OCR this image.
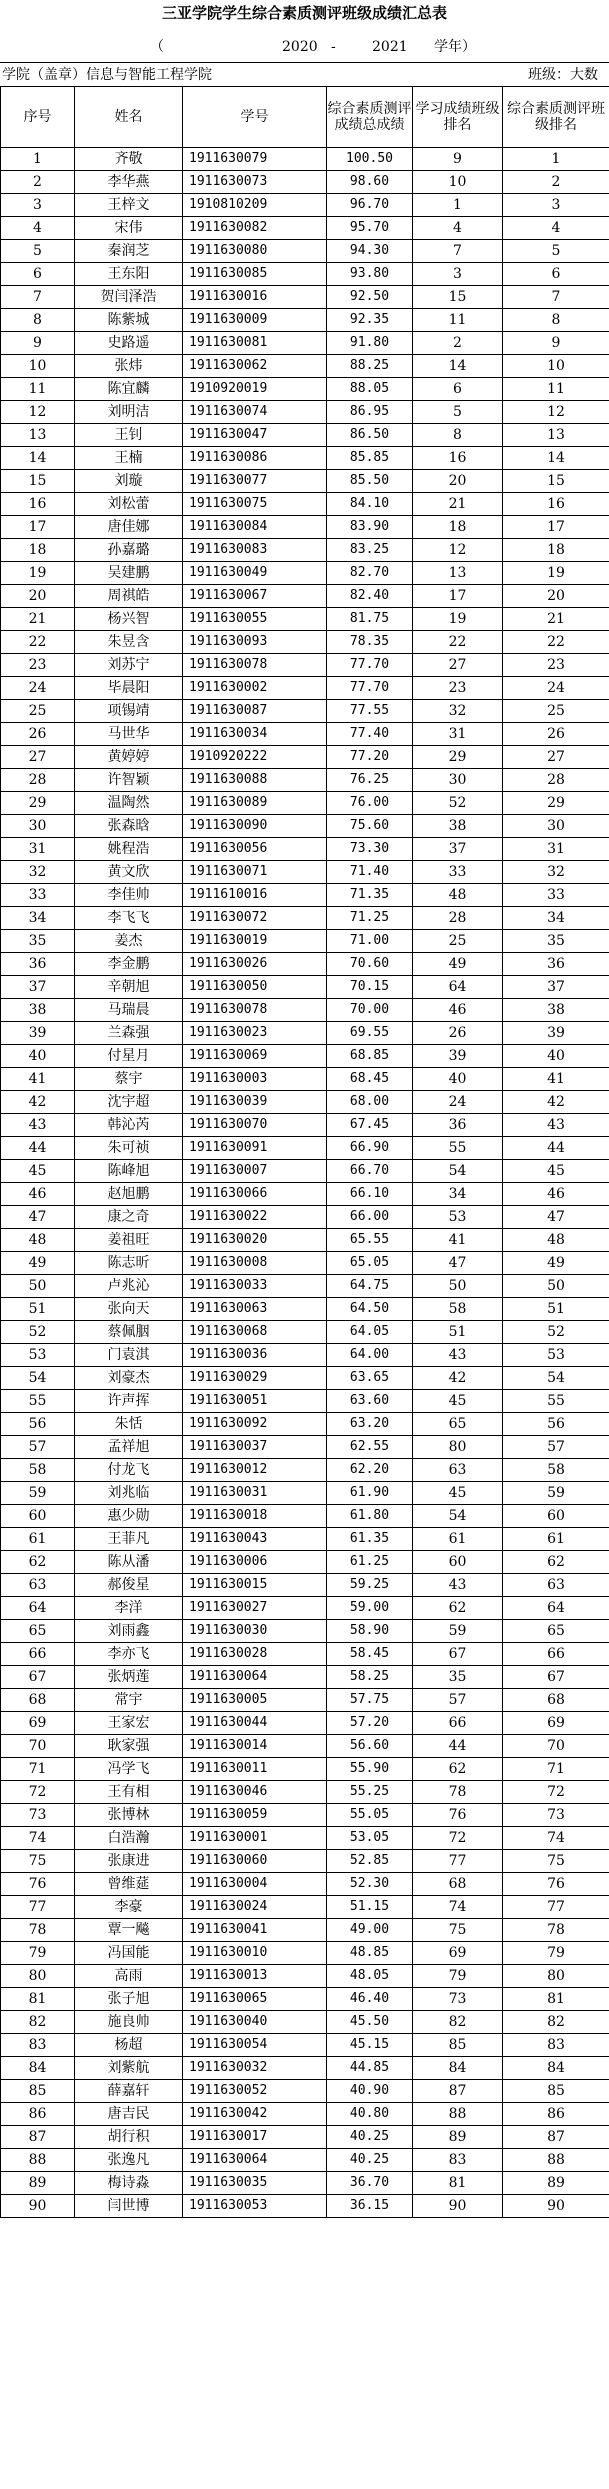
三亚学院学生综合素质测评班级成绩汇总表
（	2020 -	2021 学年）
学院（盖章）信息与智能工程学院	班级：大数
序号	姓名	学号	综合素质测评成绩总成绩	学习成绩班级排名	综合素质测评班级排名
1	齐敬	1911630079	100.50	9	1
2	李华燕	1911630073	98.60	10	2
3	王梓文	1910810209	96.70	1	3
4	宋伟	1911630082	95.70	4	4
5	秦润芝	1911630080	94.30	7	5
6	王东阳	1911630085	93.80	3	6
7	贺闫泽浩	1911630016	92.50	15	7
8	陈紫城	1911630009	92.35	11	8
9	史路遥	1911630081	91.80	2	9
10	张炜	1911630062	88.25	14	10
11	陈宜麟	1910920019	88.05	6	11
12	刘明洁	1911630074	86.95	5	12
13	王钊	1911630047	86.50	8	13
14	王楠	1911630086	85.85	16	14
15	刘璇	1911630077	85.50	20	15
16	刘松蕾	1911630075	84.10	21	16
17	唐佳娜	1911630084	83.90	18	17
18	孙嘉璐	1911630083	83.25	12	18
19	吴建鹏	1911630049	82.70	13	19
20	周祺皓	1911630067	82.40	17	20
21	杨兴智	1911630055	81.75	19	21
22	朱昱含	1911630093	78.35	22	22
23	刘苏宁	1911630078	77.70	27	23
24	毕晨阳	1911630002	77.70	23	24
25	项锡靖	1911630087	77.55	32	25
26	马世华	1911630034	77.40	31	26
27	黄婷婷	1910920222	77.20	29	27
28	许智颖	1911630088	76.25	30	28
29	温陶然	1911630089	76.00	52	29
30	张森晗	1911630090	75.60	38	30
31	姚程浩	1911630056	73.30	37	31
32	黄文欣	1911630071	71.40	33	32
33	李佳帅	1911610016	71.35	48	33
34	李飞飞	1911630072	71.25	28	34
35	姜杰	1911630019	71.00	25	35
36	李金鹏	1911630026	70.60	49	36
37	辛朝旭	1911630050	70.15	64	37
38	马瑞晨	1911630078	70.00	46	38
39	兰森强	1911630023	69.55	26	39
40	付星月	1911630069	68.85	39	40
41	蔡宇	1911630003	68.45	40	41
42	沈宇超	1911630039	68.00	24	42
43	韩沁芮	1911630070	67.45	36	43
44	朱可祯	1911630091	66.90	55	44
45	陈峰旭	1911630007	66.70	54	45
46	赵旭鹏	1911630066	66.10	34	46
47	康之奇	1911630022	66.00	53	47
48	姜祖旺	1911630020	65.55	41	48
49	陈志昕	1911630008	65.05	47	49
50	卢兆沁	1911630033	64.75	50	50
51	张向天	1911630063	64.50	58	51
52	蔡佩胭	1911630068	64.05	51	52
53	门袁淇	1911630036	64.00	43	53
54	刘豪杰	1911630029	63.65	42	54
55	许声挥	1911630051	63.60	45	55
56	朱恬	1911630092	63.20	65	56
57	孟祥旭	1911630037	62.55	80	57
58	付龙飞	1911630012	62.20	63	58
59	刘兆临	1911630031	61.90	45	59
60	惠少勋	1911630018	61.80	54	60
61	王菲凡	1911630043	61.35	61	61
62	陈从潘	1911630006	61.25	60	62
63	郝俊星	1911630015	59.25	43	63
64	李洋	1911630027	59.00	62	64
65	刘雨鑫	1911630030	58.90	59	65
66	李亦飞	1911630028	58.45	67	66
67	张炳莲	1911630064	58.25	35	67
68	常宇	1911630005	57.75	57	68
69	王家宏	1911630044	57.20	66	69
70	耿家强	1911630014	56.60	44	70
71	冯学飞	1911630011	55.90	62	71
72	王有相	1911630046	55.25	78	72
73	张博林	1911630059	55.05	76	73
74	白浩瀚	1911630001	53.05	72	74
75	张康进	1911630060	52.85	77	75
76	曾维莚	1911630004	52.30	68	76
77	李豪	1911630024	51.15	74	77
78	覃一飚	1911630041	49.00	75	78
79	冯国能	1911630010	48.85	69	79
80	高雨	1911630013	48.05	79	80
81	张子旭	1911630065	46.40	73	81
82	施良帅	1911630040	45.50	82	82
83	杨超	1911630054	45.15	85	83
84	刘紫航	1911630032	44.85	84	84
85	薛嘉轩	1911630052	40.90	87	85
86	唐吉民	1911630042	40.80	88	86
87	胡行积	1911630017	40.25	89	87
88	张逸凡	1911630064	40.25	83	88
89	梅诗淼	1911630035	36.70	81	89
90	闫世博	1911630053	36.15	90	90
